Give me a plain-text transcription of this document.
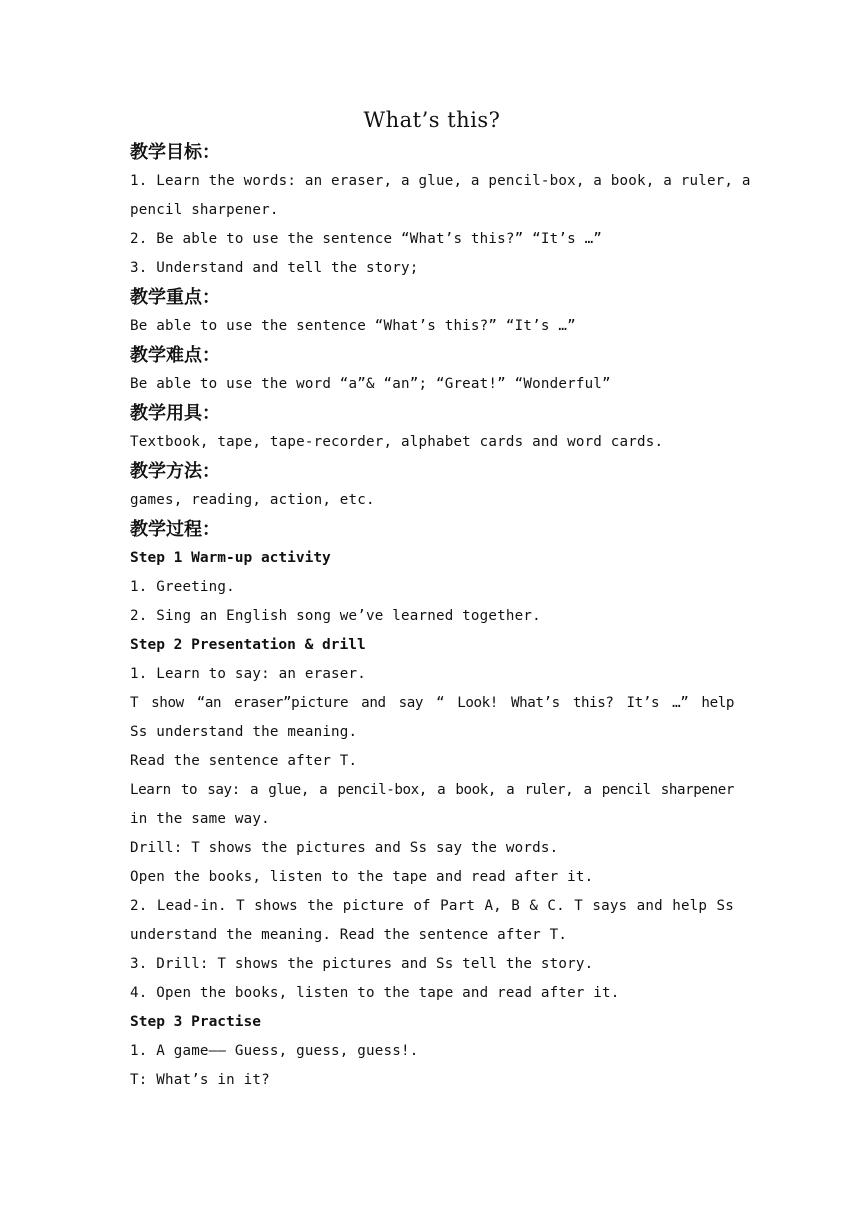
What’s this?
教学目标：
1. Learn the words: an eraser, a glue, a pencil-box, a book, a ruler, a
pencil sharpener.
2. Be able to use the sentence “What’s this?” “It’s …”
3. Understand and tell the story;
教学重点：
Be able to use the sentence “What’s this?” “It’s …”
教学难点：
Be able to use the word “a”& “an”; “Great!” “Wonderful”
教学用具：
Textbook, tape, tape-recorder, alphabet cards and word cards.
教学方法：
games, reading, action, etc.
教学过程：
Step 1 Warm-up activity
1. Greeting.
2. Sing an English song we’ve learned together.
Step 2 Presentation & drill
1. Learn to say: an eraser.
T show “an eraser”picture and say “ Look! What’s this? It’s …” help
Ss understand the meaning.
Read the sentence after T.
Learn to say: a glue, a pencil-box, a book, a ruler, a pencil sharpener
in the same way.
Drill: T shows the pictures and Ss say the words.
Open the books, listen to the tape and read after it.
2. Lead-in. T shows the picture of Part A, B & C. T says and help Ss
understand the meaning. Read the sentence after T.
3. Drill: T shows the pictures and Ss tell the story.
4. Open the books, listen to the tape and read after it.
Step 3 Practise
1. A game—— Guess, guess, guess!.
T: What’s in it?
